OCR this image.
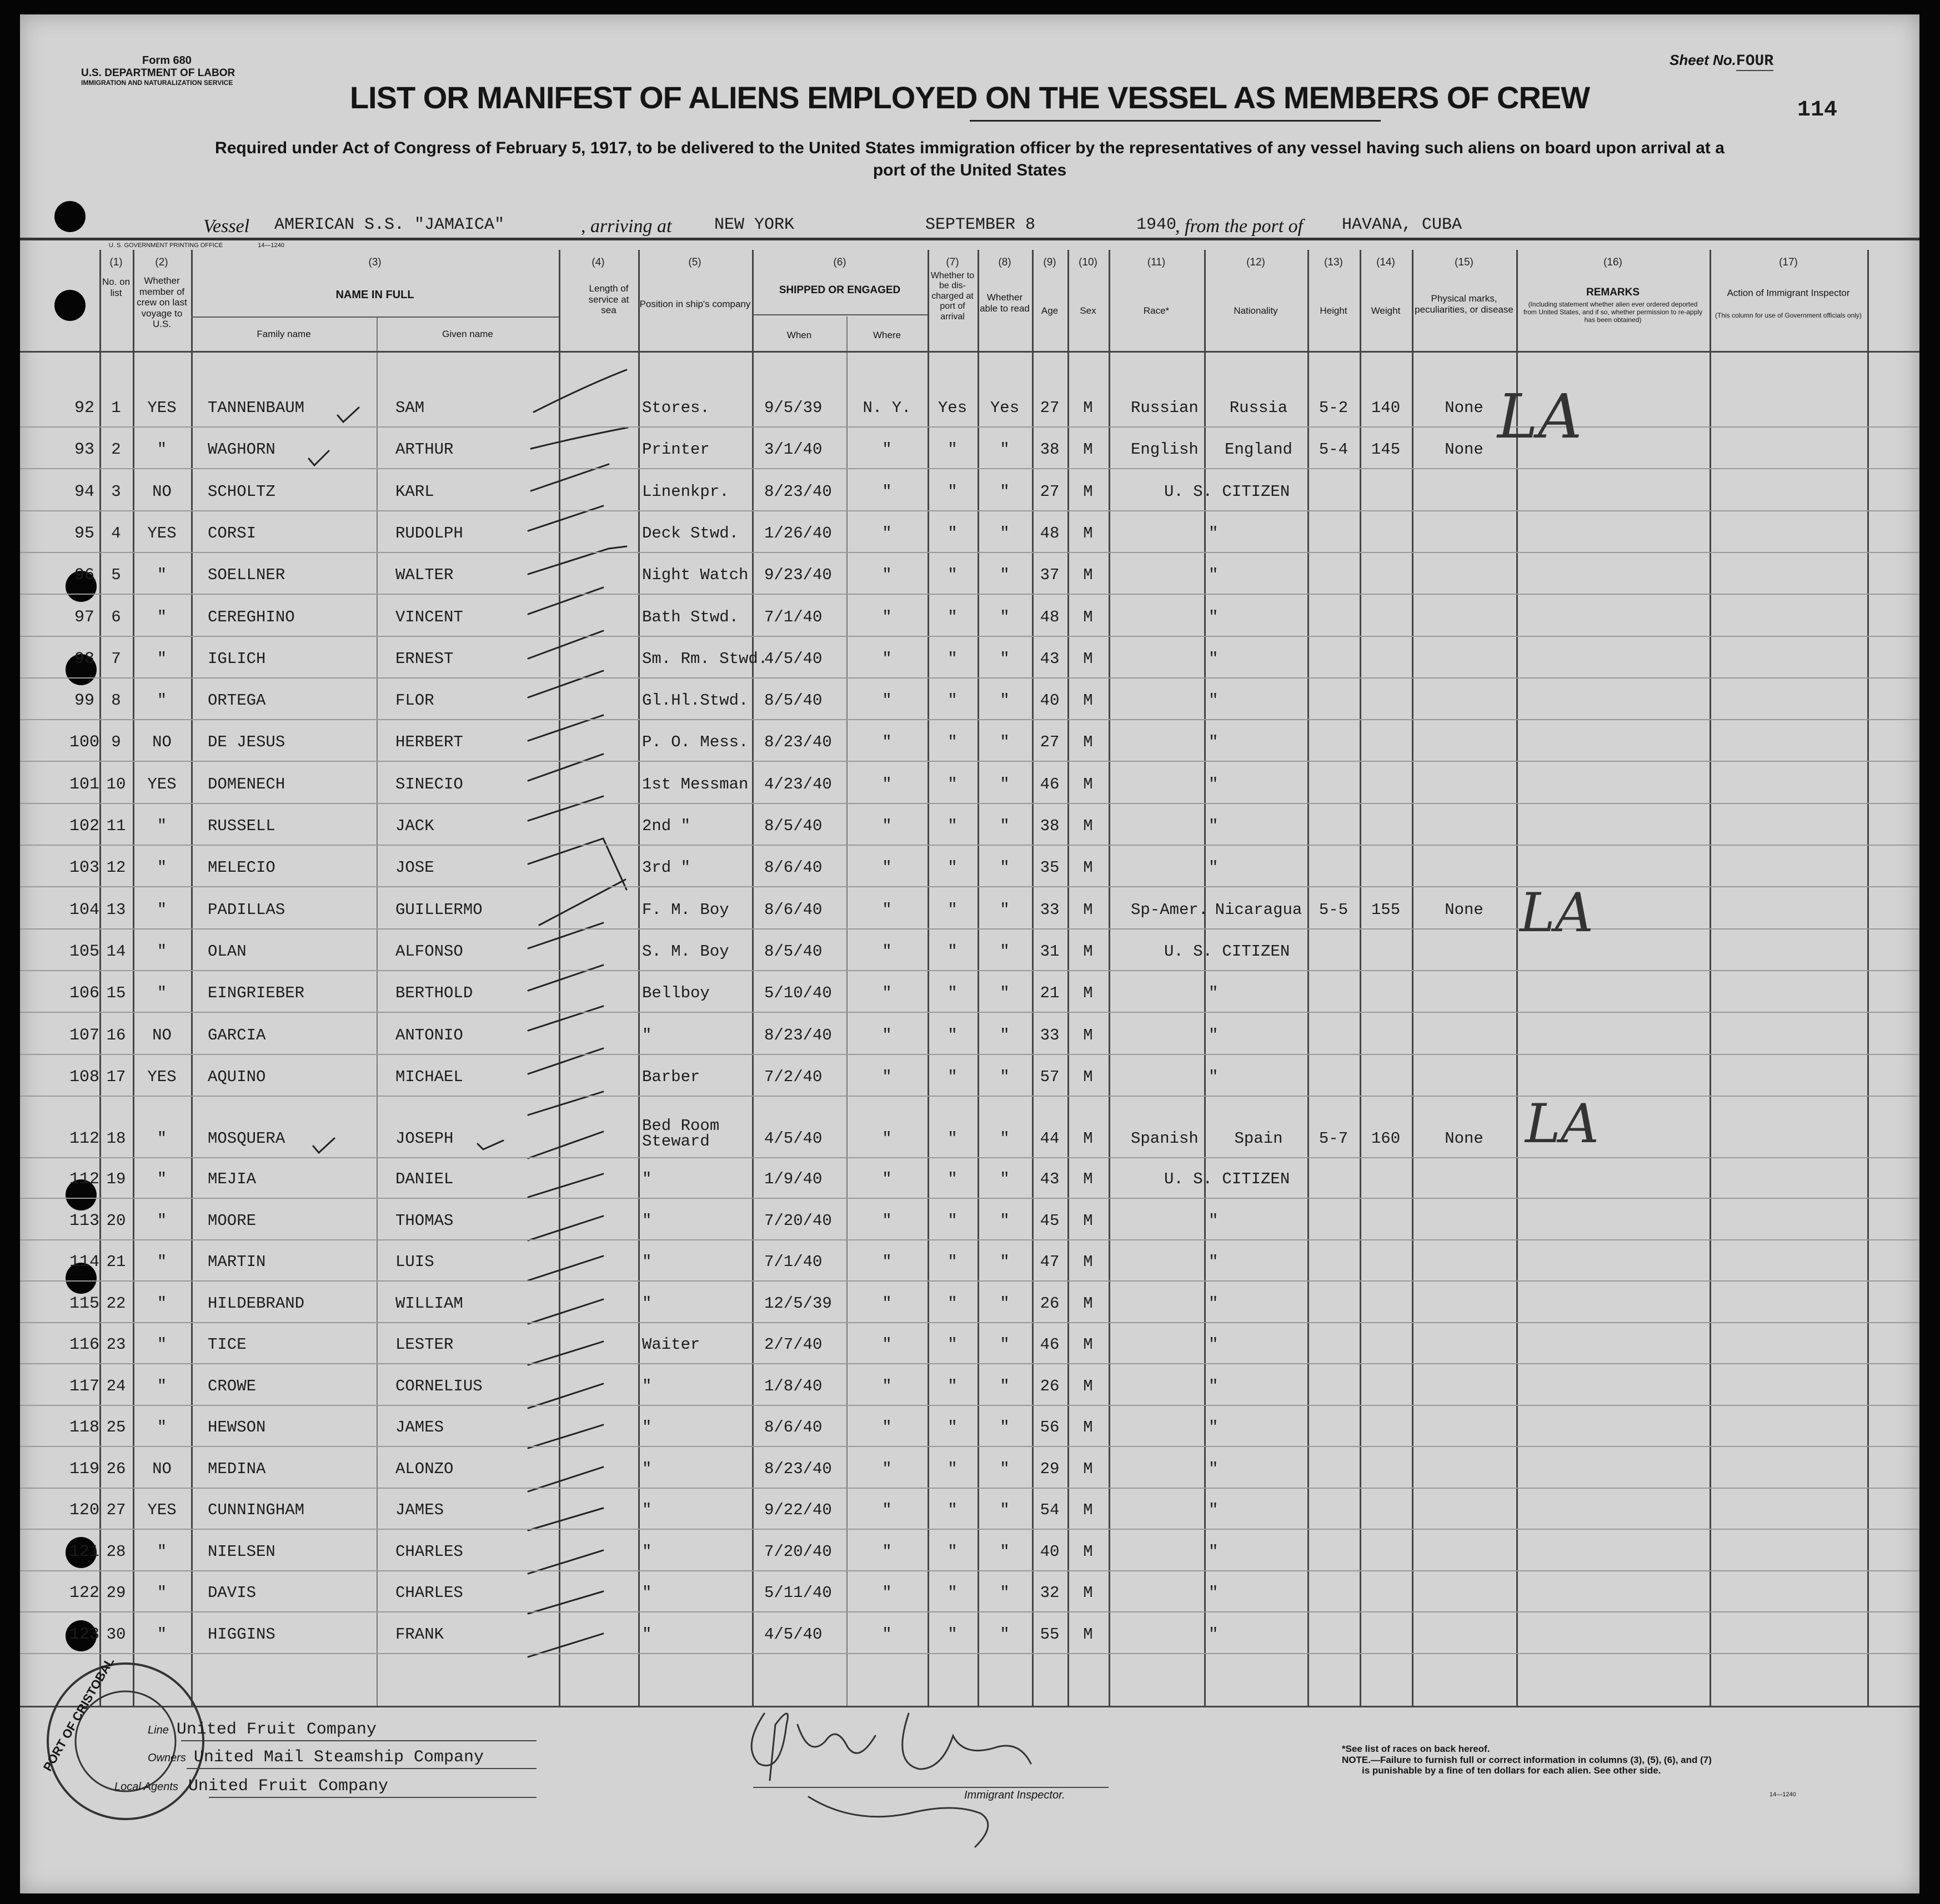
Form 680
U.S. DEPARTMENT OF LABOR
IMMIGRATION AND NATURALIZATION SERVICE
Sheet No.FOUR
114
LIST OR MANIFEST OF ALIENS EMPLOYED ON THE VESSEL AS MEMBERS OF CREW
Required under Act of Congress of February 5, 1917, to be delivered to the United States immigration officer by the representatives of any vessel having such aliens on board upon arrival at a
port of the United States
Vessel AMERICAN S.S. "JAMAICA"	, arriving at	NEW YORK	SEPTEMBER 8	1940
, from the port of HAVANA, CUBA
U. S. GOVERNMENT PRINTING OFFICE	14—1240
(1)	(2)	(3)	(4)	(5)	(6)	(7)	(8)	(9)	(10)	(11)	(12)	(13)	(14)	(15)	(16)	(17)
No. on list
Whether member of crew on last voyage to U.S.
NAME IN FULL
Family name	Given name
Length of service at sea
Position in ship's company
SHIPPED OR ENGAGED
When	Where
Whether to be dis-charged at port of arrival
Whether able to read	Age	Sex	Race*	Nationality	Height	Weight
Physical marks, peculiarities, or disease
REMARKS
(Including statement whether alien ever ordered deported from United States, and if so, whether permission to re-apply has been obtained)
Action of Immigrant Inspector
(This column for use of Government officials only)
92	1	YES	TANNENBAUM	SAM	Stores.	9/5/39	N. Y.	Yes	Yes	27	M	Russian	Russia	5-2	140	None
93	2	"	WAGHORN	ARTHUR	Printer	3/1/40	"	"	"	38	M	English	England	5-4	145	None
94	3	NO	SCHOLTZ	KARL	Linenkpr.	8/23/40	"	"	"	27	M	U. S. CITIZEN
95	4	YES	CORSI	RUDOLPH	Deck Stwd.	1/26/40	"	"	"	48	M	"
96	5	"	SOELLNER	WALTER	Night Watch 9/23/40	"	"	"	37	M	"
97	6	"	CEREGHINO	VINCENT	Bath Stwd.	7/1/40	"	"	"	48	M	"
98	7	"	IGLICH	ERNEST	Sm. Rm. Stwd.
4/5/40	"	"	"	43	M	"
99	8	"	ORTEGA	FLOR	Gl.Hl.Stwd. 8/5/40	"	"	"	40	M	"
100 9	NO	DE JESUS	HERBERT	P. O. Mess. 8/23/40	"	"	"	27	M	"
101 10	YES	DOMENECH	SINECIO	1st Messman 4/23/40	"	"	"	46	M	"
102 11	"	RUSSELL	JACK	2nd "	8/5/40	"	"	"	38	M	"
103 12	"	MELECIO	JOSE	3rd "	8/6/40	"	"	"	35	M	"
104 13	"	PADILLAS	GUILLERMO	F. M. Boy	8/6/40	"	"	"	33	M	Sp-Amer. Nicaragua	5-5	155	None
105 14	"	OLAN	ALFONSO	S. M. Boy	8/5/40	"	"	"	31	M	U. S. CITIZEN
106 15	"	EINGRIEBER	BERTHOLD	Bellboy	5/10/40	"	"	"	21	M	"
107 16	NO	GARCIA	ANTONIO	"	8/23/40	"	"	"	33	M	"
108 17	YES	AQUINO	MICHAEL	Barber	7/2/40	"	"	"	57	M	"
112 18	"	MOSQUERA	JOSEPH
Bed Room Steward	4/5/40	"	"	"	44	M	Spanish	Spain	5-7	160	None
112 19	"	MEJIA	DANIEL	"	1/9/40	"	"	"	43	M	U. S. CITIZEN
113 20	"	MOORE	THOMAS	"	7/20/40	"	"	"	45	M	"
114 21	"	MARTIN	LUIS	"	7/1/40	"	"	"	47	M	"
115 22	"	HILDEBRAND	WILLIAM	"	12/5/39	"	"	"	26	M	"
116 23	"	TICE	LESTER	Waiter	2/7/40	"	"	"	46	M	"
117 24	"	CROWE	CORNELIUS	"	1/8/40	"	"	"	26	M	"
118 25	"	HEWSON	JAMES	"	8/6/40	"	"	"	56	M	"
119 26	NO	MEDINA	ALONZO	"	8/23/40	"	"	"	29	M	"
120 27	YES	CUNNINGHAM	JAMES	"	9/22/40	"	"	"	54	M	"
121 28	"	NIELSEN	CHARLES	"	7/20/40	"	"	"	40	M	"
122 29	"	DAVIS	CHARLES	"	5/11/40	"	"	"	32	M	"
123 30	"	HIGGINS	FRANK	"	4/5/40	"	"	"	55	M	"
LA
LA
LA
PORT OF CRISTOBAL	Line United Fruit Company
Owners United Mail Steamship Company
Local Agents United Fruit Company	Immigrant Inspector.
*See list of races on back hereof.
NOTE.—Failure to furnish full or correct information in columns (3), (5), (6), and (7)
is punishable by a fine of ten dollars for each alien. See other side.
14—1240
